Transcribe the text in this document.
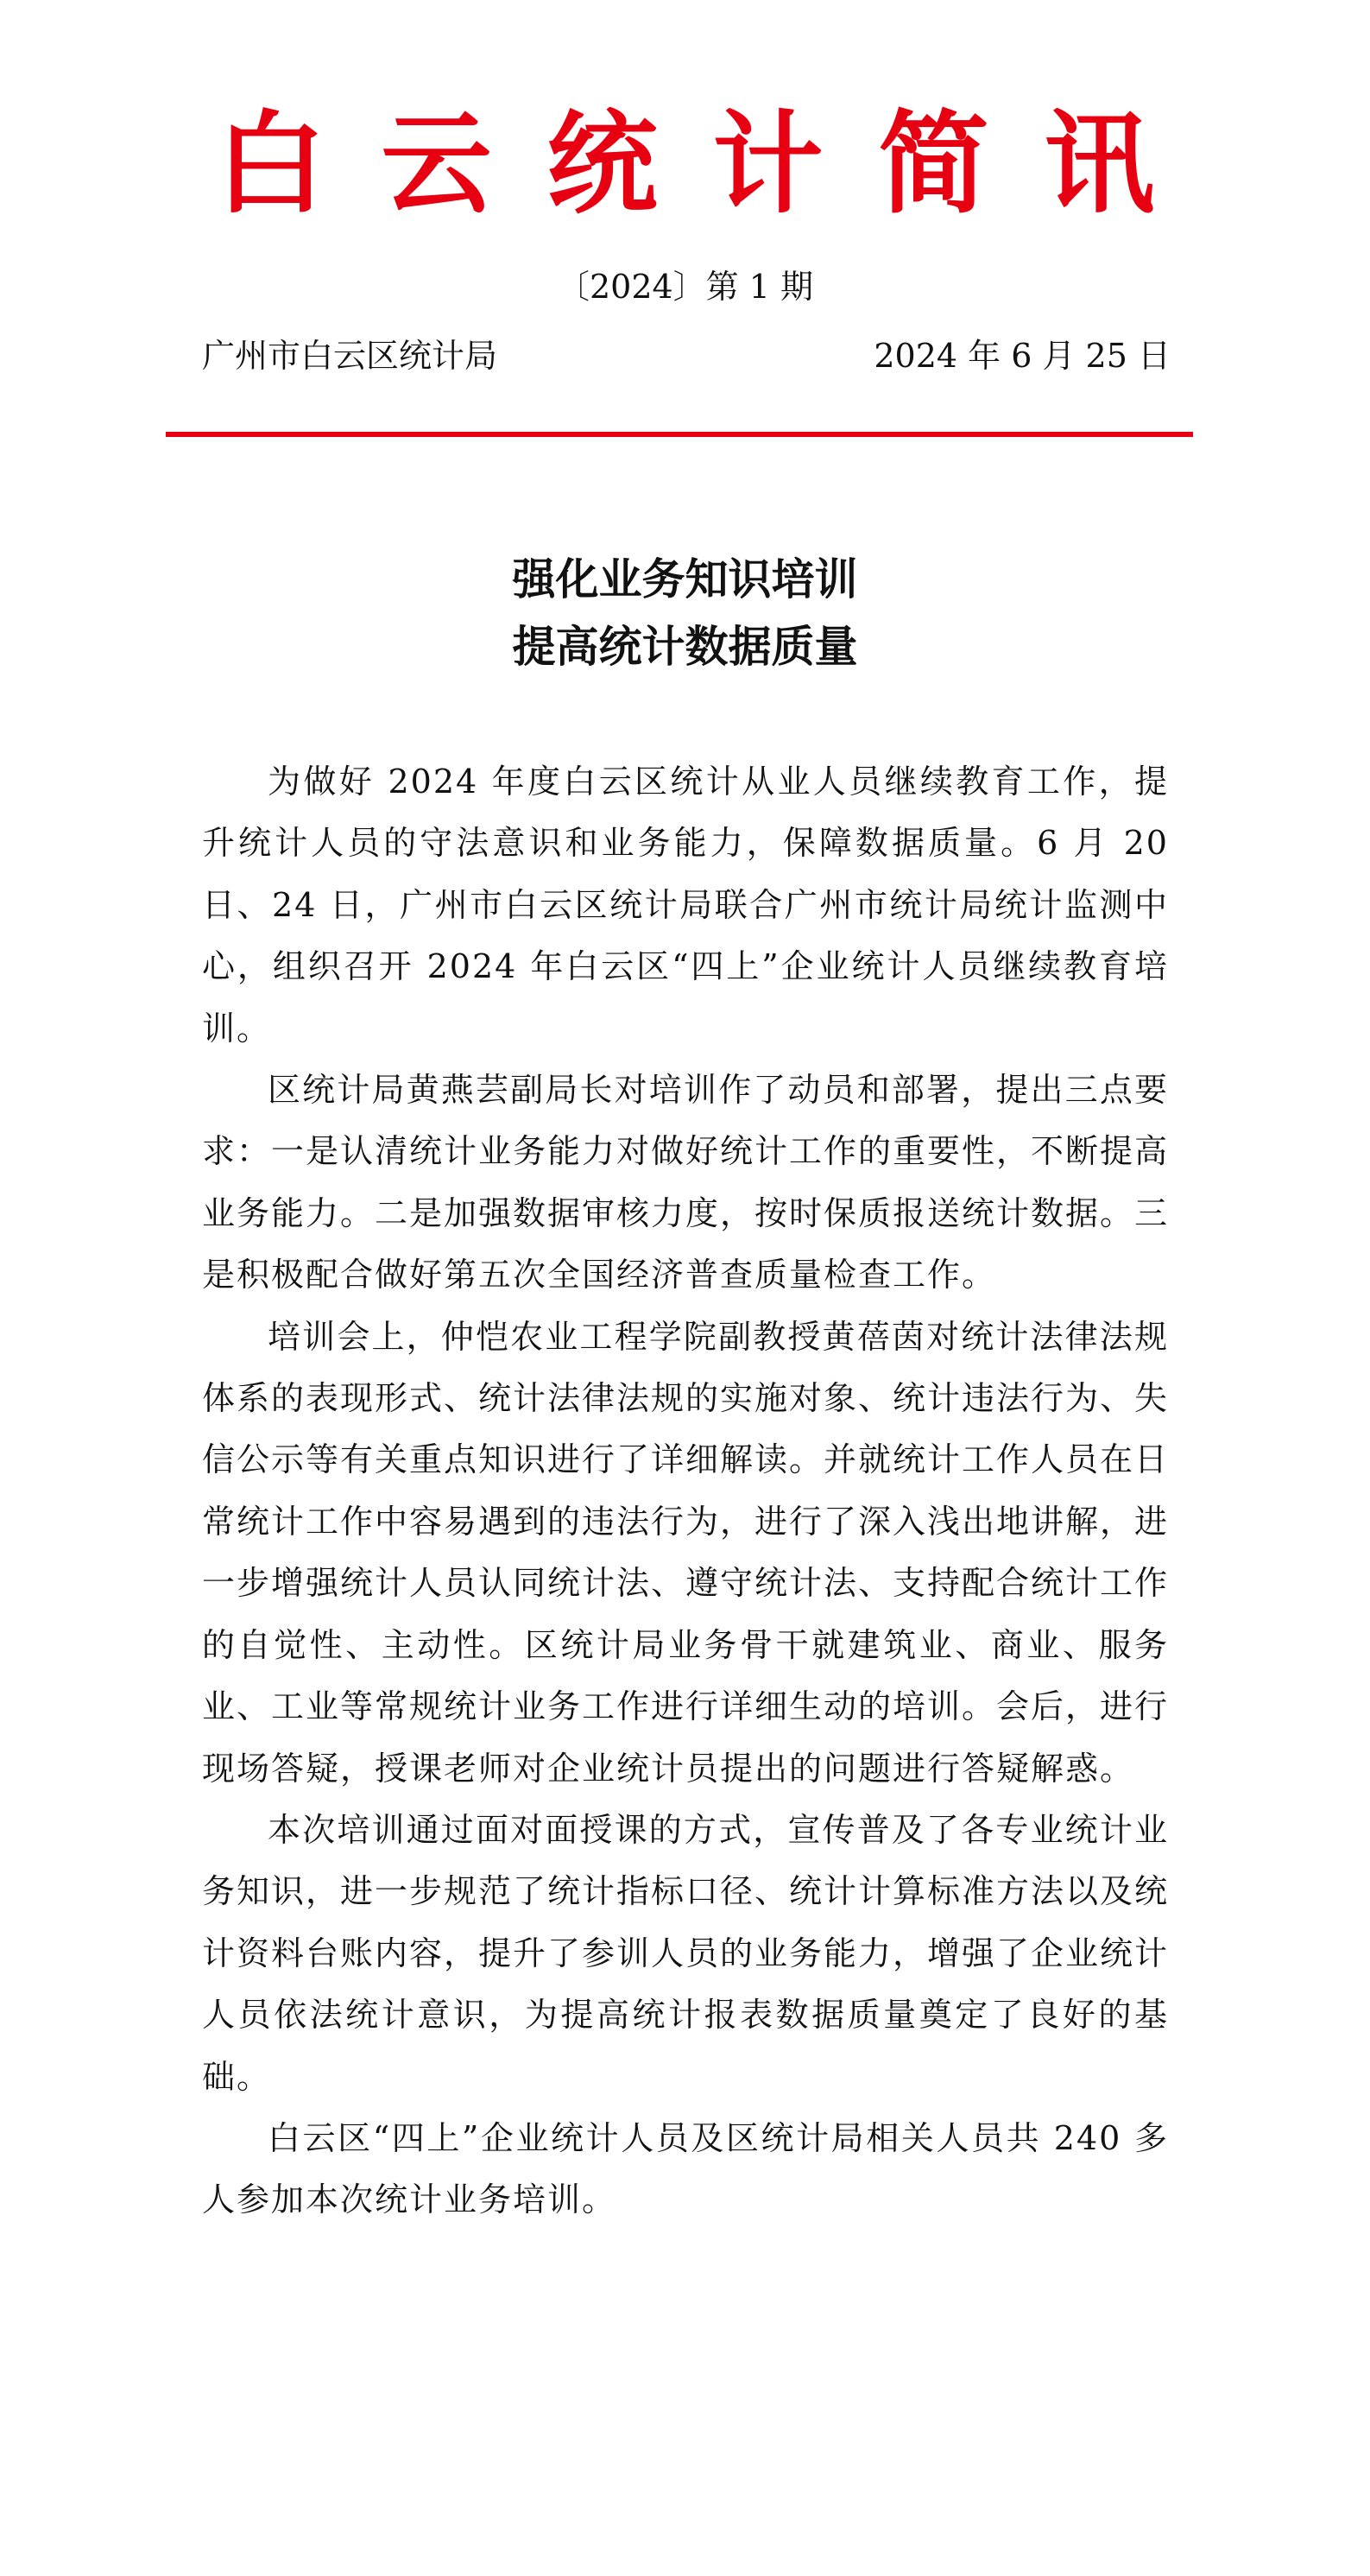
白云统计简讯
〔2024〕第 1 期
广州市白云区统计局	2024 年 6 月 25 日
强化业务知识培训
提高统计数据质量

为做好 2024 年度白云区统计从业人员继续教育工作，提升统计人员的守法意识和业务能力，保障数据质量。6 月 20 日、24 日，广州市白云区统计局联合广州市统计局统计监测中心，组织召开 2024 年白云区“四上”企业统计人员继续教育培训。

区统计局黄燕芸副局长对培训作了动员和部署，提出三点要求：一是认清统计业务能力对做好统计工作的重要性，不断提高业务能力。二是加强数据审核力度，按时保质报送统计数据。三是积极配合做好第五次全国经济普查质量检查工作。

培训会上，仲恺农业工程学院副教授黄蓓茵对统计法律法规体系的表现形式、统计法律法规的实施对象、统计违法行为、失信公示等有关重点知识进行了详细解读。并就统计工作人员在日常统计工作中容易遇到的违法行为，进行了深入浅出地讲解，进一步增强统计人员认同统计法、遵守统计法、支持配合统计工作的自觉性、主动性。区统计局业务骨干就建筑业、商业、服务业、工业等常规统计业务工作进行详细生动的培训。会后，进行现场答疑，授课老师对企业统计员提出的问题进行答疑解惑。

本次培训通过面对面授课的方式，宣传普及了各专业统计业务知识，进一步规范了统计指标口径、统计计算标准方法以及统计资料台账内容，提升了参训人员的业务能力，增强了企业统计人员依法统计意识，为提高统计报表数据质量奠定了良好的基础。

白云区“四上”企业统计人员及区统计局相关人员共 240 多人参加本次统计业务培训。
